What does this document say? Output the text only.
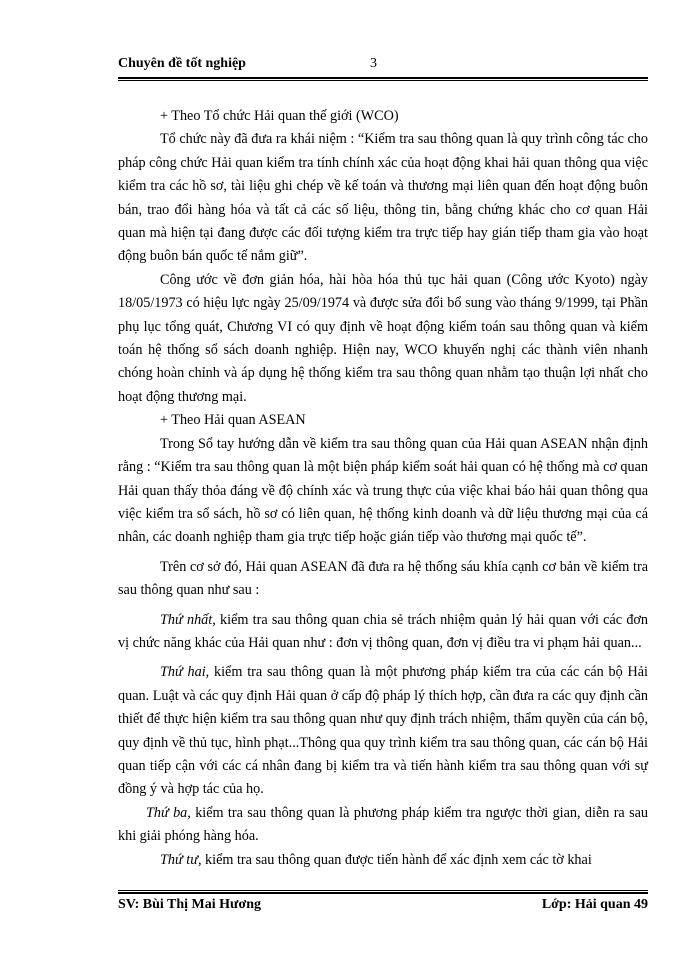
Chuyên đề tốt nghiệp	3

+ Theo Tổ chức Hải quan thế giới (WCO)

Tổ chức này đã đưa ra khái niệm : “Kiểm tra sau thông quan là quy trình công tác cho pháp công chức Hải quan kiểm tra tính chính xác của hoạt động khai hải quan thông qua việc kiểm tra các hồ sơ, tài liệu ghi chép về kế toán và thương mại liên quan đến hoạt động buôn bán, trao đổi hàng hóa và tất cả các số liệu, thông tin, bằng chứng khác cho cơ quan Hải quan mà hiện tại đang được các đối tượng kiểm tra trực tiếp hay gián tiếp tham gia vào hoạt động buôn bán quốc tế nắm giữ”.

Công ước về đơn giản hóa, hài hòa hóa thủ tục hải quan (Công ước Kyoto) ngày 18/05/1973 có hiệu lực ngày 25/09/1974 và được sửa đổi bổ sung vào tháng 9/1999, tại Phần phụ lục tổng quát, Chương VI có quy định về hoạt động kiểm toán sau thông quan và kiểm toán hệ thống sổ sách doanh nghiệp. Hiện nay, WCO khuyến nghị các thành viên nhanh chóng hoàn chỉnh và áp dụng hệ thống kiểm tra sau thông quan nhằm tạo thuận lợi nhất cho hoạt động thương mại.

+ Theo Hải quan ASEAN

Trong Sổ tay hướng dẫn về kiểm tra sau thông quan của Hải quan ASEAN nhận định rằng : “Kiểm tra sau thông quan là một biện pháp kiểm soát hải quan có hệ thống mà cơ quan Hải quan thấy thỏa đáng về độ chính xác và trung thực của việc khai báo hải quan thông qua việc kiểm tra sổ sách, hồ sơ có liên quan, hệ thống kinh doanh và dữ liệu thương mại của cá nhân, các doanh nghiệp tham gia trực tiếp hoặc gián tiếp vào thương mại quốc tế”.

Trên cơ sở đó, Hải quan ASEAN đã đưa ra hệ thống sáu khía cạnh cơ bản về kiểm tra sau thông quan như sau :

Thứ nhất, kiểm tra sau thông quan chia sẻ trách nhiệm quản lý hải quan với các đơn vị chức năng khác của Hải quan như : đơn vị thông quan, đơn vị điều tra vi phạm hải quan...

Thứ hai, kiểm tra sau thông quan là một phương pháp kiểm tra của các cán bộ Hải quan. Luật và các quy định Hải quan ở cấp độ pháp lý thích hợp, cần đưa ra các quy định cần thiết để thực hiện kiểm tra sau thông quan như quy định trách nhiệm, thẩm quyền của cán bộ, quy định về thủ tục, hình phạt...Thông qua quy trình kiểm tra sau thông quan, các cán bộ Hải quan tiếp cận với các cá nhân đang bị kiểm tra và tiến hành kiểm tra sau thông quan với sự đồng ý và hợp tác của họ.

Thứ ba, kiểm tra sau thông quan là phương pháp kiểm tra ngược thời gian, diễn ra sau khi giải phóng hàng hóa.

Thứ tư, kiểm tra sau thông quan được tiến hành để xác định xem các tờ khai

SV: Bùi Thị Mai Hương	Lớp: Hải quan 49
